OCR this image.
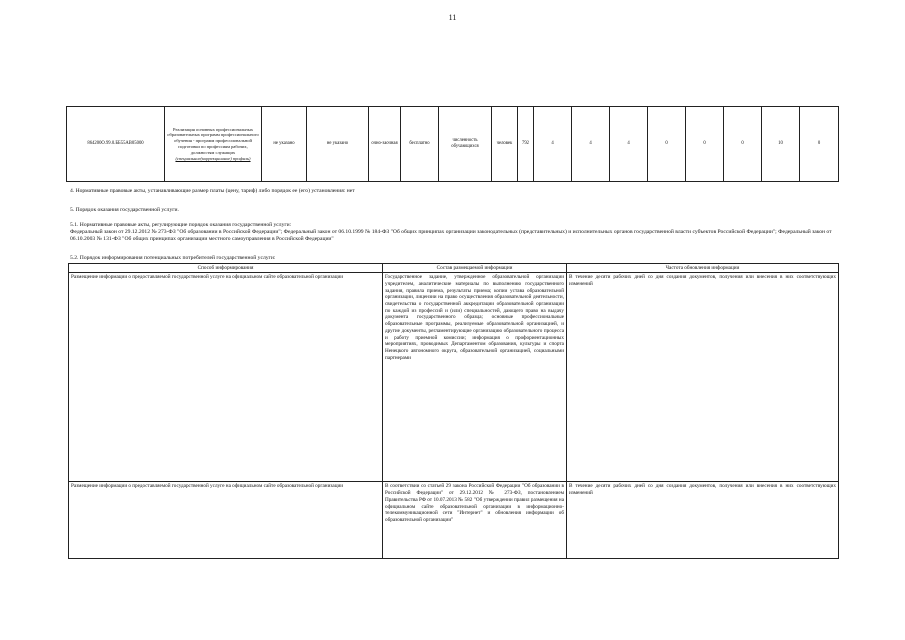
11
864200О.99.0.ББ55АВ05000	Реализация основных профессиональных образовательных программ профессионального обучения - программ профессиональной подготовки по профессиям рабочих, должностям служащих (специальное(коррекционное) профиль)	не указано	не указано	очно-заочная	бесплатно	численность обучающихся	человек	792	4	4	4	0	0	0	10	0
4. Нормативные правовые акты, устанавливающие размер платы (цену, тариф) либо порядок ее (его) установления: нет
5. Порядок оказания государственной услуги.
5.1. Нормативные правовые акты, регулирующие порядок оказания государственной услуги:
Федеральный закон от 29.12.2012 № 273-ФЗ "Об образовании в Российской Федерации"; Федеральный закон от 06.10.1999 № 184-ФЗ "Об общих принципах организации законодательных (представительных) и исполнительных органов государственной власти субъектов Российской Федерации"; Федеральный закон от 06.10.2003 № 131-ФЗ "Об общих принципах организации местного самоуправления в Российской Федерации"
5.2. Порядок информирования потенциальных потребителей государственной услуги:
Способ информирования	Состав размещаемой информации	Частота обновления информации
Размещение информации о предоставляемой государственной услуге на официальном сайте образовательной организации	Государственное задание, утвержденное образовательной организации учредителем, аналитические материалы по выполнению государственного задания, правила приема, результаты приема; копии устава образовательной организации, лицензии на право осуществления образовательной деятельности, свидетельства о государственной аккредитации образовательной организации по каждой из профессий и (или) специальностей, дающего право на выдачу документа государственного образца; основные профессиональные образовательные программы, реализуемые образовательной организацией, и другие документы, регламентирующие организацию образовательного процесса и работу приемной комиссии; информация о профориентационных мероприятиях, проводимых Департаментом образования, культуры и спорта Ненецкого автономного округа, образовательной организацией, социальными партнерами	В течение десяти рабочих дней со дня создания документов, получения или внесения в них соответствующих изменений
Размещение информации о предоставляемой государственной услуге на официальном сайте образовательной организации	В соответствии со статьей 29 закона Российской Федерации "Об образовании в Российской Федерации" от 29.12.2012 № 273-ФЗ, постановлением Правительства РФ от 10.07.2013 № 582 "Об утверждении правил размещения на официальном сайте образовательной организации в информационно-телекоммуникационной сети "Интернет" и обновления информации об образовательной организации"	В течение десяти рабочих дней со дня создания документов, получения или внесения в них соответствующих изменений
